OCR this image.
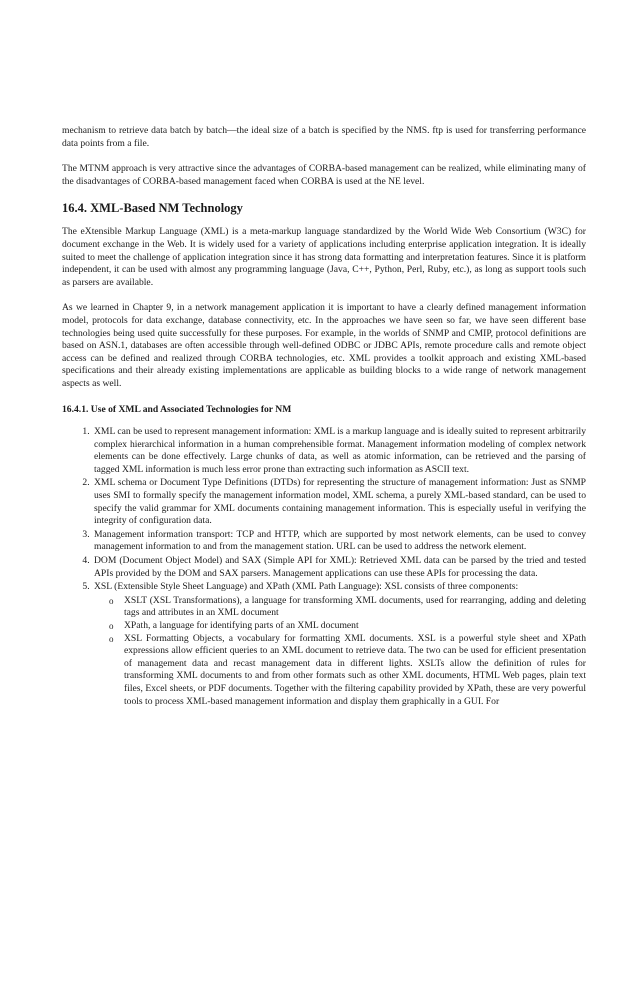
mechanism to retrieve data batch by batch—the ideal size of a batch is specified by the NMS. ftp is used for transferring performance data points from a file.

The MTNM approach is very attractive since the advantages of CORBA-based management can be realized, while eliminating many of the disadvantages of CORBA-based management faced when CORBA is used at the NE level.

16.4. XML-Based NM Technology

The eXtensible Markup Language (XML) is a meta-markup language standardized by the World Wide Web Consortium (W3C) for document exchange in the Web. It is widely used for a variety of applications including enterprise application integration. It is ideally suited to meet the challenge of application integration since it has strong data formatting and interpretation features. Since it is platform independent, it can be used with almost any programming language (Java, C++, Python, Perl, Ruby, etc.), as long as support tools such as parsers are available.

As we learned in Chapter 9, in a network management application it is important to have a clearly defined management information model, protocols for data exchange, database connectivity, etc. In the approaches we have seen so far, we have seen different base technologies being used quite successfully for these purposes. For example, in the worlds of SNMP and CMIP, protocol definitions are based on ASN.1, databases are often accessible through well-defined ODBC or JDBC APIs, remote procedure calls and remote object access can be defined and realized through CORBA technologies, etc. XML provides a toolkit approach and existing XML-based specifications and their already existing implementations are applicable as building blocks to a wide range of network management aspects as well.

16.4.1. Use of XML and Associated Technologies for NM
1. XML can be used to represent management information: XML is a markup language and is ideally suited to represent arbitrarily complex hierarchical information in a human comprehensible format. Management information modeling of complex network elements can be done effectively. Large chunks of data, as well as atomic information, can be retrieved and the parsing of tagged XML information is much less error prone than extracting such information as ASCII text.
2. XML schema or Document Type Definitions (DTDs) for representing the structure of management information: Just as SNMP uses SMI to formally specify the management information model, XML schema, a purely XML-based standard, can be used to specify the valid grammar for XML documents containing management information. This is especially useful in verifying the integrity of configuration data.
3. Management information transport: TCP and HTTP, which are supported by most network elements, can be used to convey management information to and from the management station. URL can be used to address the network element.
4. DOM (Document Object Model) and SAX (Simple API for XML): Retrieved XML data can be parsed by the tried and tested APIs provided by the DOM and SAX parsers. Management applications can use these APIs for processing the data.
5. XSL (Extensible Style Sheet Language) and XPath (XML Path Language): XSL consists of three components:
o XSLT (XSL Transformations), a language for transforming XML documents, used for rearranging, adding and deleting tags and attributes in an XML document
o XPath, a language for identifying parts of an XML document
o XSL Formatting Objects, a vocabulary for formatting XML documents. XSL is a powerful style sheet and XPath expressions allow efficient queries to an XML document to retrieve data. The two can be used for efficient presentation of management data and recast management data in different lights. XSLTs allow the definition of rules for transforming XML documents to and from other formats such as other XML documents, HTML Web pages, plain text files, Excel sheets, or PDF documents. Together with the filtering capability provided by XPath, these are very powerful tools to process XML-based management information and display them graphically in a GUI. For
